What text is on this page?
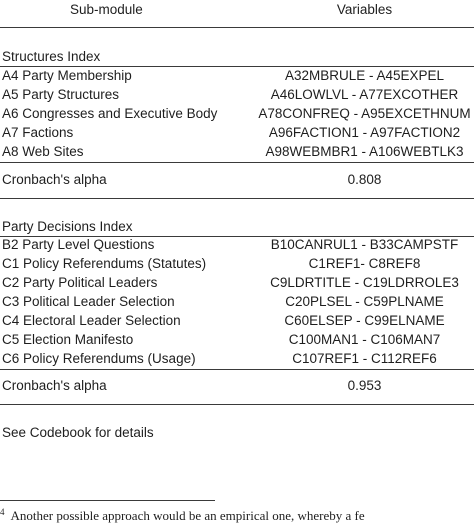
Sub-module	Variables
Structures Index
A4 Party Membership	A32MBRULE - A45EXPEL
A5 Party Structures	A46LOWLVL - A77EXCOTHER
A6 Congresses and Executive Body	A78CONFREQ - A95EXCETHNUM
A7 Factions	A96FACTION1 - A97FACTION2
A8 Web Sites	A98WEBMBR1 - A106WEBTLK3
Cronbach's alpha	0.808
Party Decisions Index
B2 Party Level Questions	B10CANRUL1 - B33CAMPSTF
C1 Policy Referendums (Statutes)	C1REF1- C8REF8
C2 Party Political Leaders	C9LDRTITLE - C19LDRROLE3
C3 Political Leader Selection	C20PLSEL - C59PLNAME
C4 Electoral Leader Selection	C60ELSEP - C99ELNAME
C5 Election Manifesto	C100MAN1 - C106MAN7
C6 Policy Referendums (Usage)	C107REF1 - C112REF6
Cronbach's alpha	0.953
See Codebook for details
$^4$ Another possible approach would be an empirical one, whereby a fe
